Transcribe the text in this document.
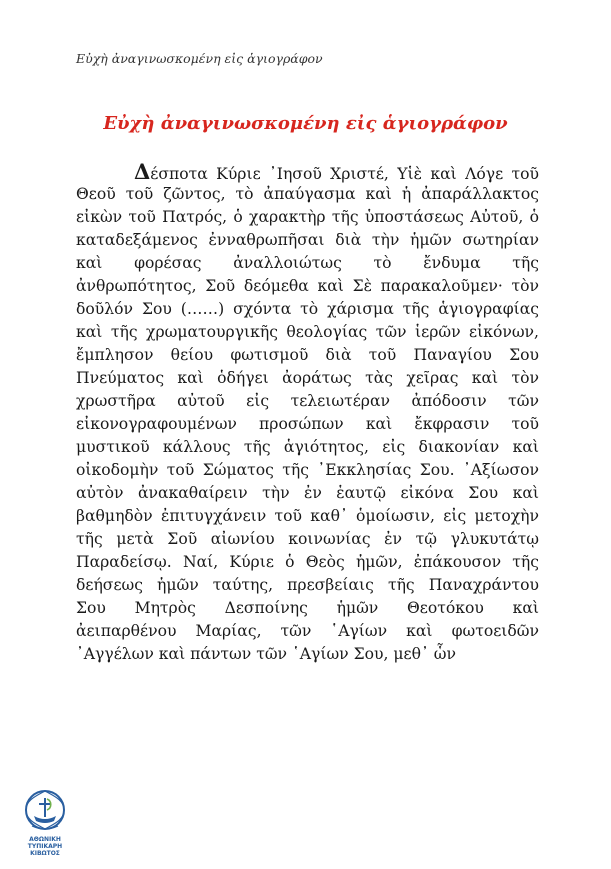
Εὐχὴ ἀναγινωσκομένη εἰς ἁγιογράφον
Εὐχὴ ἀναγινωσκομένη εἰς ἁγιογράφον
Δέσποτα Κύριε ᾿Ιησοῦ Χριστέ, Υἱὲ καὶ Λόγε τοῦ
Θεοῦ τοῦ ζῶντος, τὸ ἀπαύγασμα καὶ ἡ ἀπαράλλακτος
εἰκὼν τοῦ Πατρός, ὁ χαρακτὴρ τῆς ὑποστάσεως Αὐτοῦ, ὁ
καταδεξάμενος ἐνναθρωπῆσαι διὰ τὴν ἡμῶν σωτηρίαν
καὶ φορέσας ἀναλλοιώτως τὸ ἔνδυμα τῆς
ἀνθρωπότητος, Σοῦ δεόμεθα καὶ Σὲ παρακαλοῦμεν· τὸν
δοῦλόν Σου (……) σχόντα τὸ χάρισμα τῆς ἁγιογραφίας
καὶ τῆς χρωματουργικῆς θεολογίας τῶν ἱερῶν εἰκόνων,
ἔμπλησον θείου φωτισμοῦ διὰ τοῦ Παναγίου Σου
Πνεύματος καὶ ὁδήγει ἀοράτως τὰς χεῖρας καὶ τὸν
χρωστῆρα αὐτοῦ εἰς τελειωτέραν ἀπόδοσιν τῶν
εἰκονογραφουμένων προσώπων καὶ ἔκφρασιν τοῦ
μυστικοῦ κάλλους τῆς ἁγιότητος, εἰς διακονίαν καὶ
οἰκοδομὴν τοῦ Σώματος τῆς ᾿Εκκλησίας Σου. ᾿Αξίωσον
αὐτὸν ἀνακαθαίρειν τὴν ἐν ἑαυτῷ εἰκόνα Σου καὶ
βαθμηδὸν ἐπιτυγχάνειν τοῦ καθ᾿ ὁμοίωσιν, εἰς μετοχὴν
τῆς μετὰ Σοῦ αἰωνίου κοινωνίας ἐν τῷ γλυκυτάτῳ
Παραδείσῳ. Ναί, Κύριε ὁ Θεὸς ἡμῶν, ἐπάκουσον τῆς
δεήσεως ἡμῶν ταύτης, πρεσβείαις τῆς Παναχράντου
Σου Μητρὸς Δεσποίνης ἡμῶν Θεοτόκου καὶ
ἀειπαρθένου Μαρίας, τῶν ῾Αγίων καὶ φωτοειδῶν
᾿Αγγέλων καὶ πάντων τῶν ῾Αγίων Σου, μεθ᾿ ὧν
ΑΘΩΝΙΚΗ
ΤΥΠΙΚΑΡΗ ΚΙΒΩΤΟΣ
